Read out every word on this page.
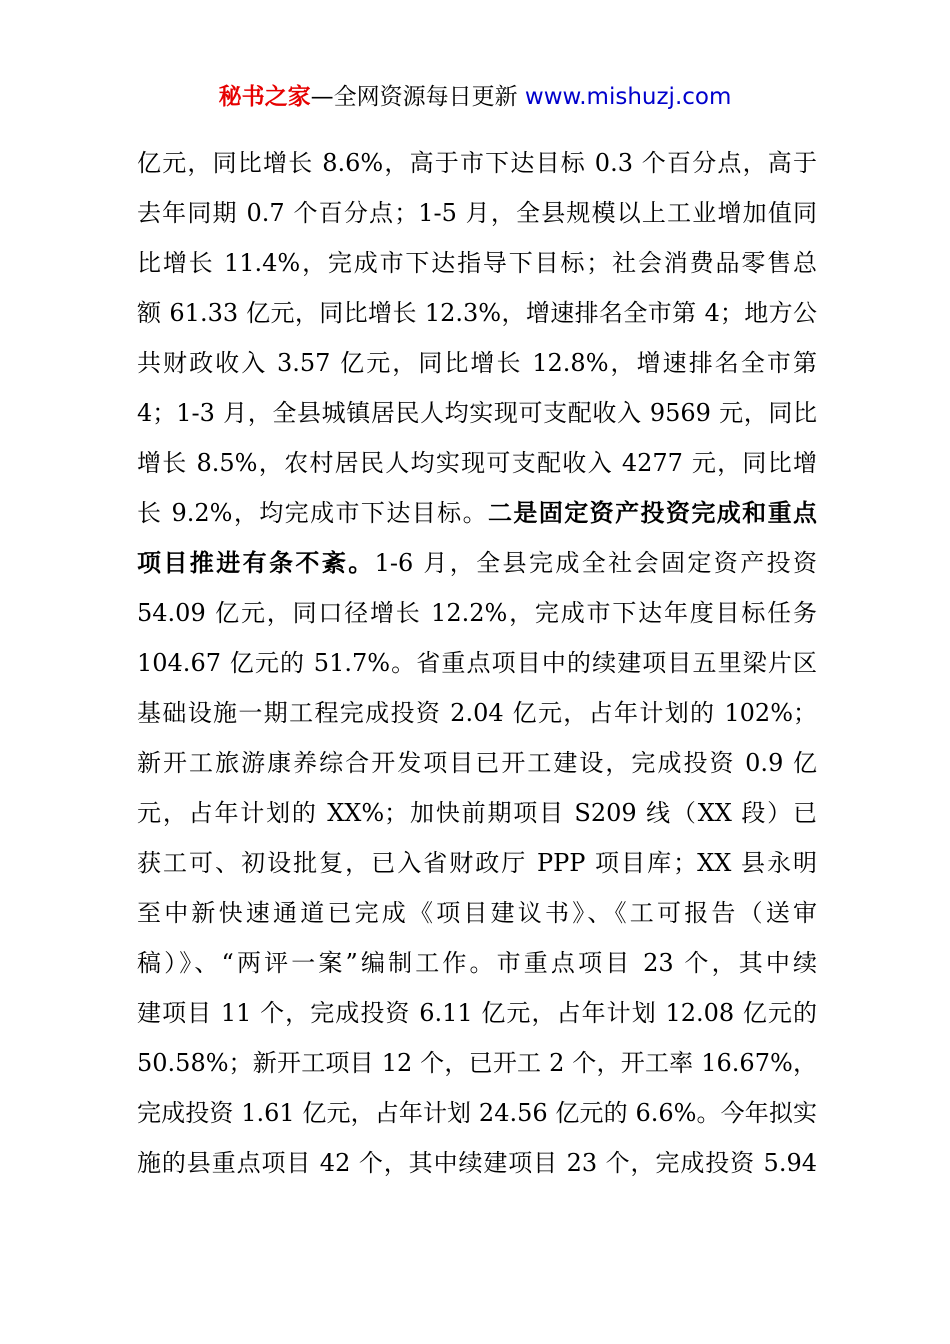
秘书之家—全网资源每日更新 www.mishuzj.com
亿元，同比增长 8.6%，高于市下达目标 0.3 个百分点，高于
去年同期 0.7 个百分点；1-5 月，全县规模以上工业增加值同
比增长 11.4%，完成市下达指导下目标；社会消费品零售总
额 61.33 亿元，同比增长 12.3%，增速排名全市第 4；地方公
共财政收入 3.57 亿元，同比增长 12.8%，增速排名全市第
4；1-3 月，全县城镇居民人均实现可支配收入 9569 元，同比
增长 8.5%，农村居民人均实现可支配收入 4277 元，同比增
长 9.2%，均完成市下达目标。二是固定资产投资完成和重点
项目推进有条不紊。1-6 月，全县完成全社会固定资产投资
54.09 亿元，同口径增长 12.2%，完成市下达年度目标任务
104.67 亿元的 51.7%。省重点项目中的续建项目五里梁片区
基础设施一期工程完成投资 2.04 亿元，占年计划的 102%；
新开工旅游康养综合开发项目已开工建设，完成投资 0.9 亿
元，占年计划的 XX%；加快前期项目 S209 线（XX 段）已
获工可、初设批复，已入省财政厅 PPP 项目库；XX 县永明
至中新快速通道已完成《项目建议书》、《工可报告（送审
稿）》、“两评一案”编制工作。市重点项目 23 个，其中续
建项目 11 个，完成投资 6.11 亿元，占年计划 12.08 亿元的
50.58%；新开工项目 12 个，已开工 2 个，开工率 16.67%，
完成投资 1.61 亿元，占年计划 24.56 亿元的 6.6%。今年拟实
施的县重点项目 42 个，其中续建项目 23 个，完成投资 5.94
